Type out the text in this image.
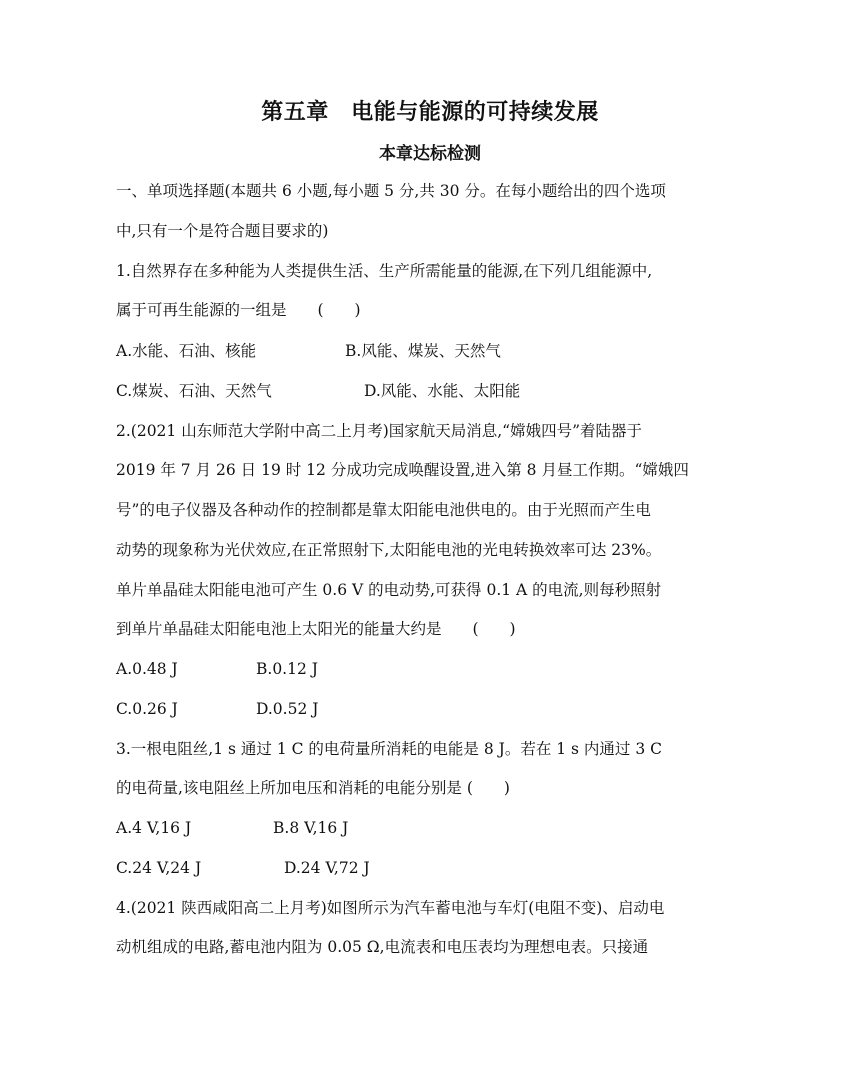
第五章　电能与能源的可持续发展
本章达标检测
一、单项选择题(本题共 6 小题,每小题 5 分,共 30 分。在每小题给出的四个选项
中,只有一个是符合题目要求的)
1.自然界存在多种能为人类提供生活、生产所需能量的能源,在下列几组能源中,
属于可再生能源的一组是　　(　　)
A.水能、石油、核能	B.风能、煤炭、天然气
C.煤炭、石油、天然气	D.风能、水能、太阳能
2.(2021 山东师范大学附中高二上月考)国家航天局消息,“嫦娥四号”着陆器于
2019 年 7 月 26 日 19 时 12 分成功完成唤醒设置,进入第 8 月昼工作期。“嫦娥四
号”的电子仪器及各种动作的控制都是靠太阳能电池供电的。由于光照而产生电
动势的现象称为光伏效应,在正常照射下,太阳能电池的光电转换效率可达 23%。
单片单晶硅太阳能电池可产生 0.6 V 的电动势,可获得 0.1 A 的电流,则每秒照射
到单片单晶硅太阳能电池上太阳光的能量大约是　　(　　)
A.0.48 J	B.0.12 J
C.0.26 J	D.0.52 J
3.一根电阻丝,1 s 通过 1 C 的电荷量所消耗的电能是 8 J。若在 1 s 内通过 3 C
的电荷量,该电阻丝上所加电压和消耗的电能分别是 (　　)
A.4 V,16 J	B.8 V,16 J
C.24 V,24 J	D.24 V,72 J
4.(2021 陕西咸阳高二上月考)如图所示为汽车蓄电池与车灯(电阻不变)、启动电
动机组成的电路,蓄电池内阻为 0.05 Ω,电流表和电压表均为理想电表。只接通
